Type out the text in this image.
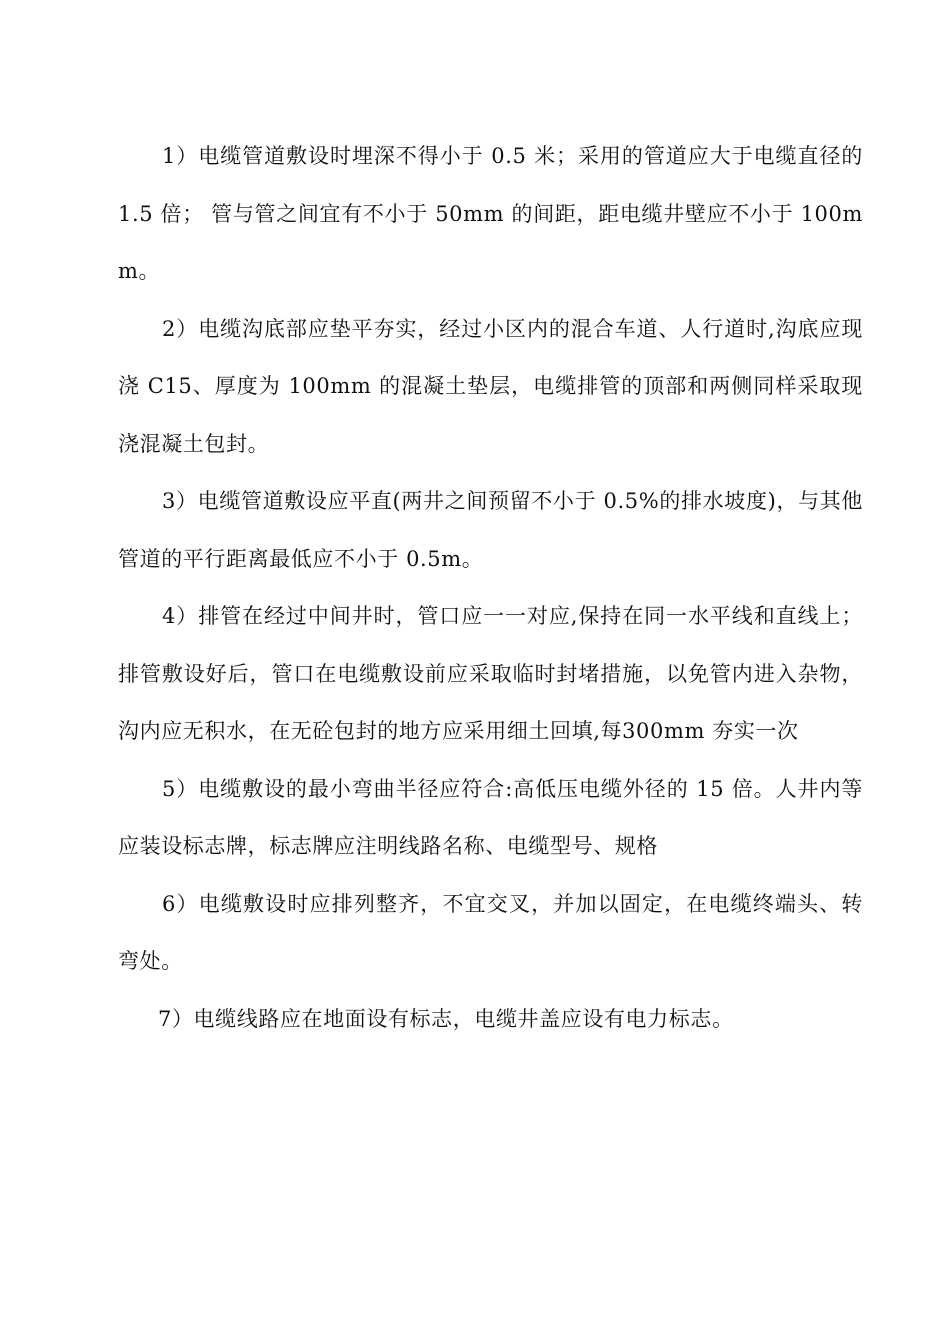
1）电缆管道敷设时埋深不得小于 0.5 米；采用的管道应大于电缆直径的 1.5 倍； 管与管之间宜有不小于 50mm 的间距，距电缆井壁应不小于 100mm。

2）电缆沟底部应垫平夯实，经过小区内的混合车道、人行道时,沟底应现浇 C15、厚度为 100mm 的混凝土垫层，电缆排管的顶部和两侧同样采取现浇混凝土包封。

3）电缆管道敷设应平直(两井之间预留不小于 0.5%的排水坡度)，与其他管道的平行距离最低应不小于 0.5m。

4）排管在经过中间井时，管口应一一对应,保持在同一水平线和直线上；排管敷设好后，管口在电缆敷设前应采取临时封堵措施，以免管内进入杂物，沟内应无积水，在无砼包封的地方应采用细土回填,每300mm 夯实一次

5）电缆敷设的最小弯曲半径应符合:高低压电缆外径的 15 倍。人井内等应装设标志牌，标志牌应注明线路名称、电缆型号、规格

6）电缆敷设时应排列整齐，不宜交叉，并加以固定，在电缆终端头、转弯处。

7）电缆线路应在地面设有标志，电缆井盖应设有电力标志。
